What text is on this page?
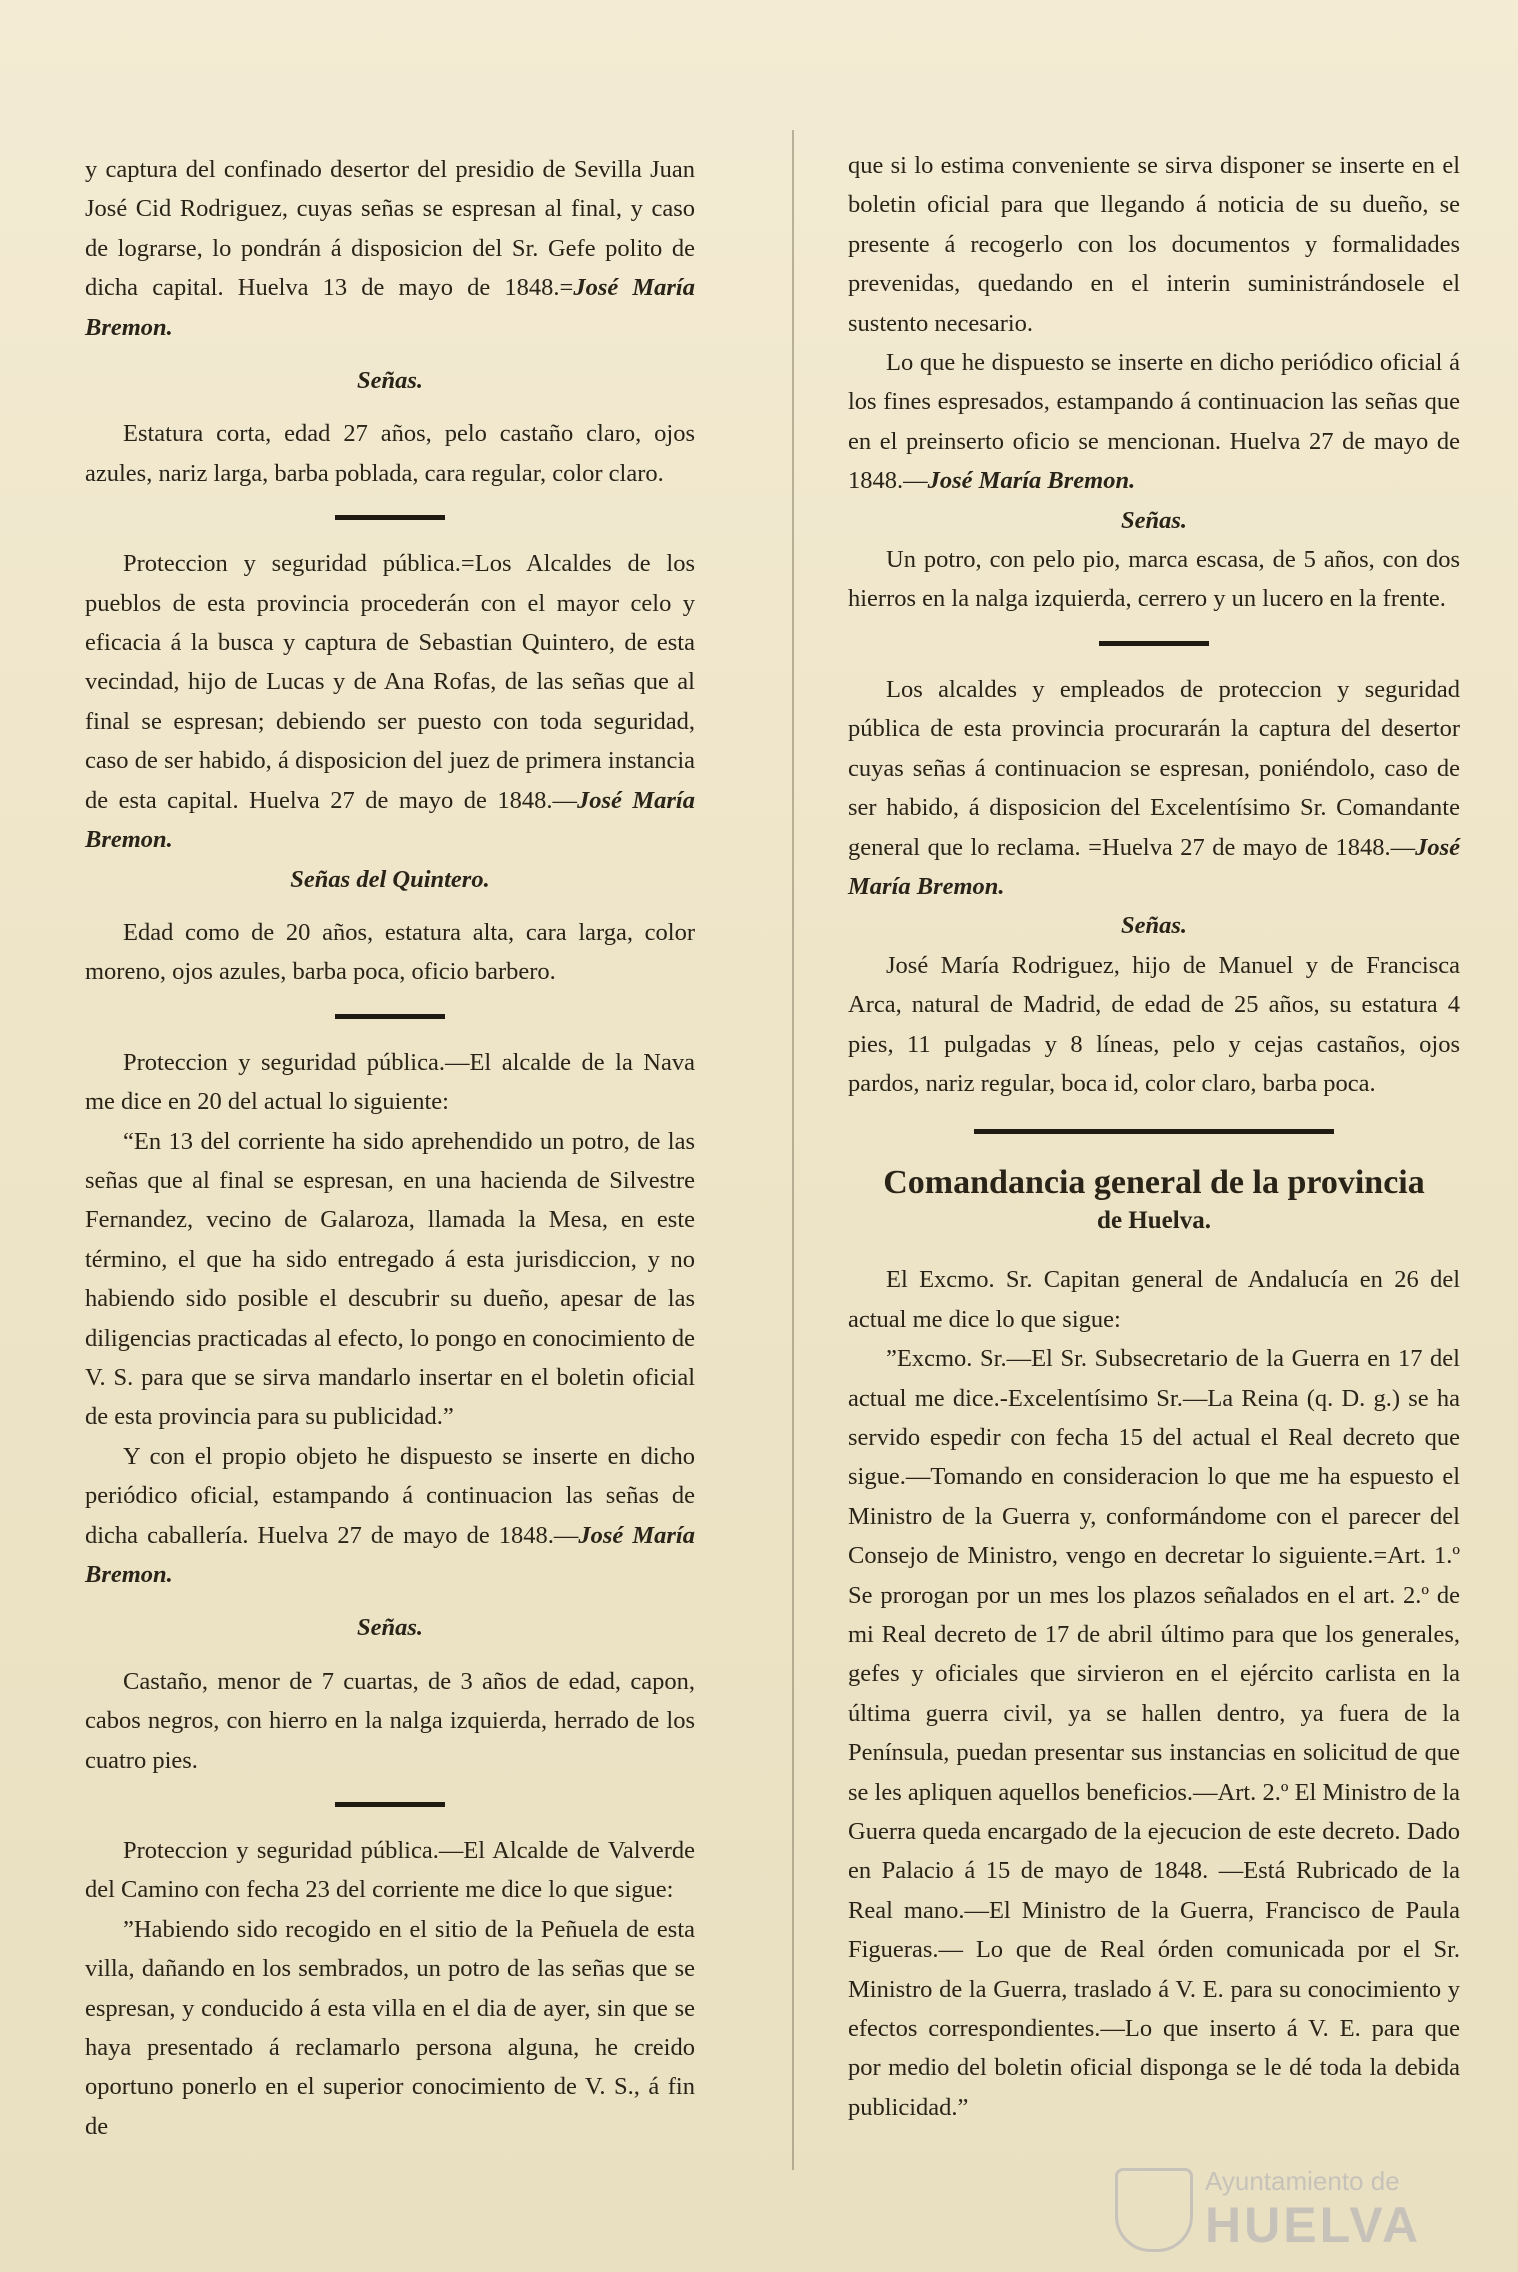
y captura del confinado desertor del presidio de Sevilla Juan José Cid Rodriguez, cuyas señas se espresan al final, y caso de lograrse, lo pondrán á disposicion del Sr. Gefe polito de dicha capital. Huelva 13 de mayo de 1848.=José María Bremon.

Señas.

Estatura corta, edad 27 años, pelo castaño claro, ojos azules, nariz larga, barba poblada, cara regular, color claro.

Proteccion y seguridad pública.=Los Alcaldes de los pueblos de esta provincia procederán con el mayor celo y eficacia á la busca y captura de Sebastian Quintero, de esta vecindad, hijo de Lucas y de Ana Rofas, de las señas que al final se espresan; debiendo ser puesto con toda seguridad, caso de ser habido, á disposicion del juez de primera instancia de esta capital. Huelva 27 de mayo de 1848.—José María Bremon.

Señas del Quintero.

Edad como de 20 años, estatura alta, cara larga, color moreno, ojos azules, barba poca, oficio barbero.

Proteccion y seguridad pública.—El alcalde de la Nava me dice en 20 del actual lo siguiente:

“En 13 del corriente ha sido aprehendido un potro, de las señas que al final se espresan, en una hacienda de Silvestre Fernandez, vecino de Galaroza, llamada la Mesa, en este término, el que ha sido entregado á esta jurisdiccion, y no habiendo sido posible el descubrir su dueño, apesar de las diligencias practicadas al efecto, lo pongo en conocimiento de V. S. para que se sirva mandarlo insertar en el boletin oficial de esta provincia para su publicidad.”

Y con el propio objeto he dispuesto se inserte en dicho periódico oficial, estampando á continuacion las señas de dicha caballería. Huelva 27 de mayo de 1848.—José María Bremon.

Señas.

Castaño, menor de 7 cuartas, de 3 años de edad, capon, cabos negros, con hierro en la nalga izquierda, herrado de los cuatro pies.

Proteccion y seguridad pública.—El Alcalde de Valverde del Camino con fecha 23 del corriente me dice lo que sigue:

”Habiendo sido recogido en el sitio de la Peñuela de esta villa, dañando en los sembrados, un potro de las señas que se espresan, y conducido á esta villa en el dia de ayer, sin que se haya presentado á reclamarlo persona alguna, he creido oportuno ponerlo en el superior conocimiento de V. S., á fin de

que si lo estima conveniente se sirva disponer se inserte en el boletin oficial para que llegando á noticia de su dueño, se presente á recogerlo con los documentos y formalidades prevenidas, quedando en el interin suministrándosele el sustento necesario.

Lo que he dispuesto se inserte en dicho periódico oficial á los fines espresados, estampando á continuacion las señas que en el preinserto oficio se mencionan. Huelva 27 de mayo de 1848.—José María Bremon.

Señas.

Un potro, con pelo pio, marca escasa, de 5 años, con dos hierros en la nalga izquierda, cerrero y un lucero en la frente.

Los alcaldes y empleados de proteccion y seguridad pública de esta provincia procurarán la captura del desertor cuyas señas á continuacion se espresan, poniéndolo, caso de ser habido, á disposicion del Excelentísimo Sr. Comandante general que lo reclama. =Huelva 27 de mayo de 1848.—José María Bremon.

Señas.

José María Rodriguez, hijo de Manuel y de Francisca Arca, natural de Madrid, de edad de 25 años, su estatura 4 pies, 11 pulgadas y 8 líneas, pelo y cejas castaños, ojos pardos, nariz regular, boca id, color claro, barba poca.

Comandancia general de la provincia

de Huelva.

El Excmo. Sr. Capitan general de Andalucía en 26 del actual me dice lo que sigue:

”Excmo. Sr.—El Sr. Subsecretario de la Guerra en 17 del actual me dice.-Excelentísimo Sr.—La Reina (q. D. g.) se ha servido espedir con fecha 15 del actual el Real decreto que sigue.—Tomando en consideracion lo que me ha espuesto el Ministro de la Guerra y, conformándome con el parecer del Consejo de Ministro, vengo en decretar lo siguiente.=Art. 1.º Se prorogan por un mes los plazos señalados en el art. 2.º de mi Real decreto de 17 de abril último para que los generales, gefes y oficiales que sirvieron en el ejército carlista en la última guerra civil, ya se hallen dentro, ya fuera de la Península, puedan presentar sus instancias en solicitud de que se les apliquen aquellos beneficios.—Art. 2.º El Ministro de la Guerra queda encargado de la ejecucion de este decreto. Dado en Palacio á 15 de mayo de 1848. —Está Rubricado de la Real mano.—El Ministro de la Guerra, Francisco de Paula Figueras.— Lo que de Real órden comunicada por el Sr. Ministro de la Guerra, traslado á V. E. para su conocimiento y efectos correspondientes.—Lo que inserto á V. E. para que por medio del boletin oficial disponga se le dé toda la debida publicidad.”

Ayuntamiento de
HUELVA
